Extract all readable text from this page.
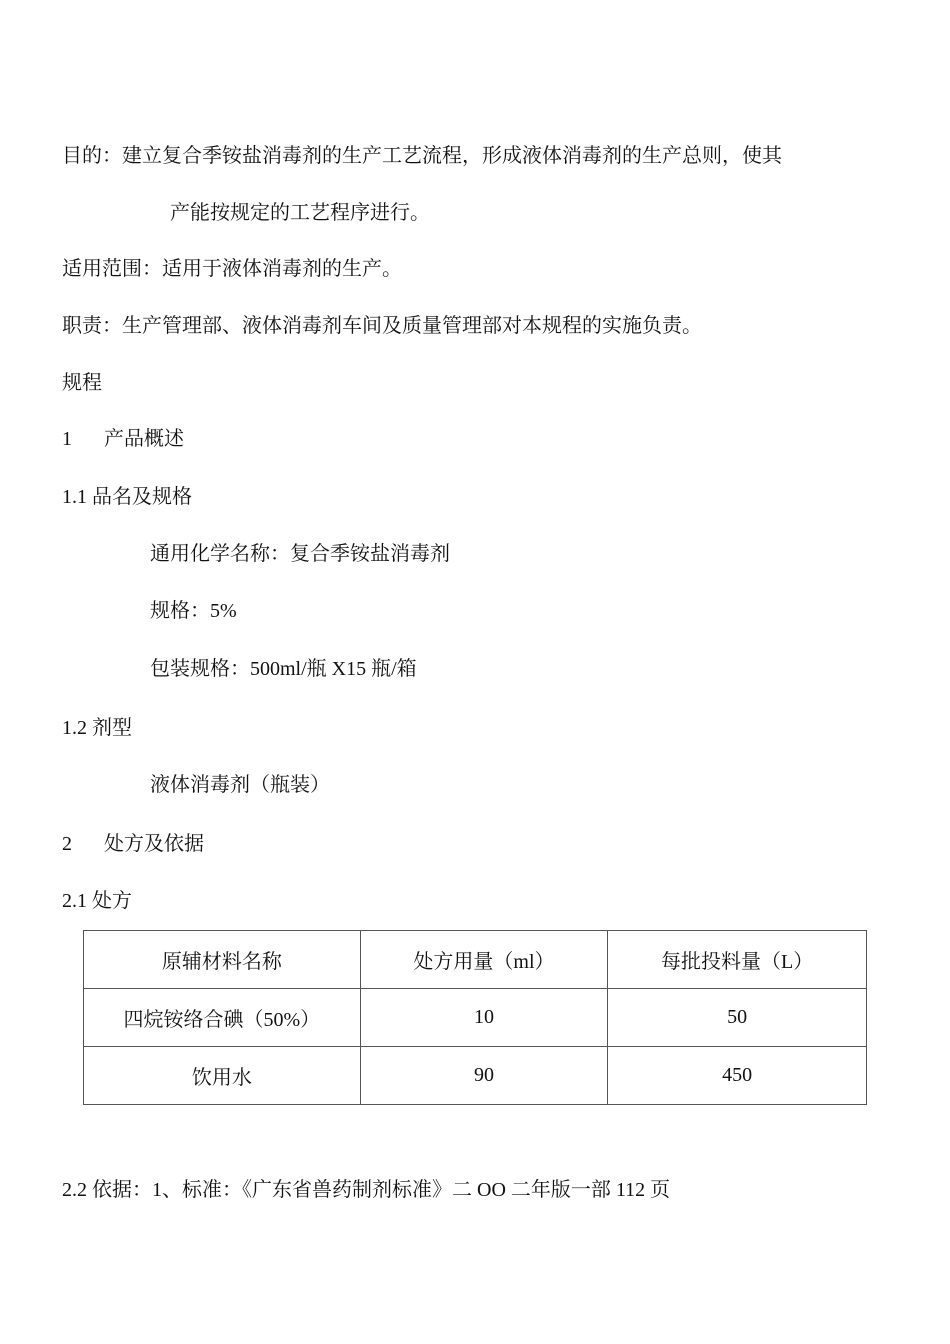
目的：建立复合季铵盐消毒剂的生产工艺流程，形成液体消毒剂的生产总则，使其
产能按规定的工艺程序进行。
适用范围：适用于液体消毒剂的生产。
职责：生产管理部、液体消毒剂车间及质量管理部对本规程的实施负责。
规程
1 产品概述
1.1 品名及规格
通用化学名称：复合季铵盐消毒剂
规格：5%
包装规格：500ml/瓶 X15 瓶/箱
1.2 剂型
液体消毒剂（瓶装）
2 处方及依据
2.1 处方
原辅材料名称	处方用量（ml）	每批投料量（L）
四烷铵络合碘（50%）	10	50
饮用水	90	450
2.2 依据：1、标准：《广东省兽药制剂标准》二 OO 二年版一部 112 页
